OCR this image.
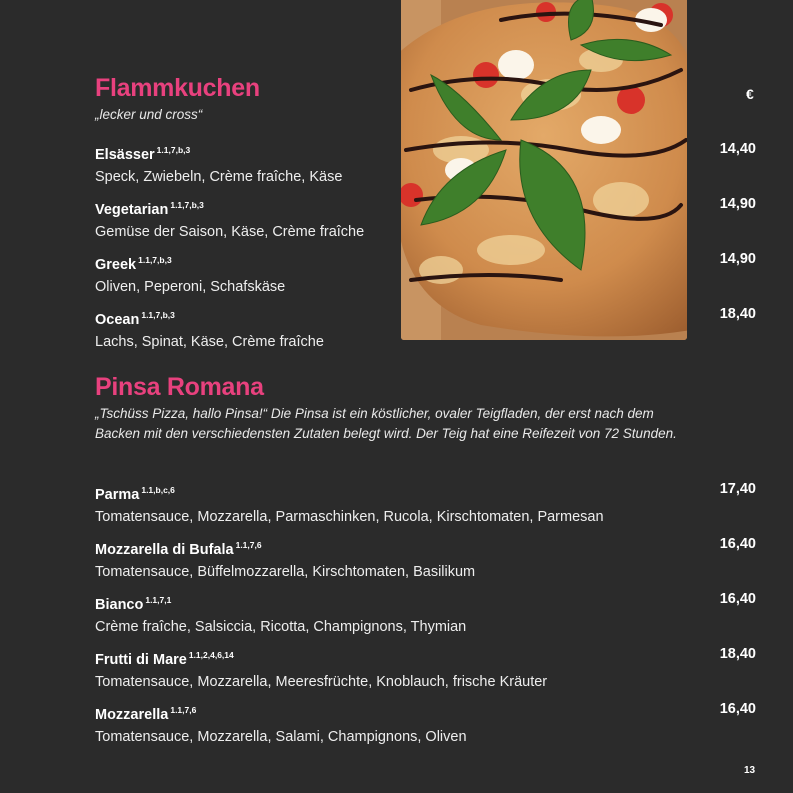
Flammkuchen

„lecker und cross“

€
Elsässer $^{1.1,7,b,3}$
Speck, Zwiebeln, Crème fraîche, Käse
14,40
Vegetarian $^{1.1,7,b,3}$
Gemüse der Saison, Käse, Crème fraîche
14,90
Greek $^{1.1,7,b,3}$
Oliven, Peperoni, Schafskäse
14,90
Ocean $^{1.1,7,b,3}$
Lachs, Spinat, Käse, Crème fraîche
18,40
Pinsa Romana

„Tschüss Pizza, hallo Pinsa!“ Die Pinsa ist ein köstlicher, ovaler Teigfladen, der erst nach dem Backen mit den verschiedensten Zutaten belegt wird. Der Teig hat eine Reifezeit von 72 Stunden.

Parma $^{1.1,b,c,6}$
Tomatensauce, Mozzarella, Parmaschinken, Rucola, Kirschtomaten, Parmesan
17,40
Mozzarella di Bufala $^{1.1,7,6}$
Tomatensauce, Büffelmozzarella, Kirschtomaten, Basilikum
16,40
Bianco $^{1.1,7,1}$
Crème fraîche, Salsiccia, Ricotta, Champignons, Thymian
16,40
Frutti di Mare $^{1.1,2,4,6,14}$
Tomatensauce, Mozzarella, Meeresfrüchte, Knoblauch, frische Kräuter
18,40
Mozzarella $^{1.1,7,6}$
Tomatensauce, Mozzarella, Salami, Champignons, Oliven
16,40
13
